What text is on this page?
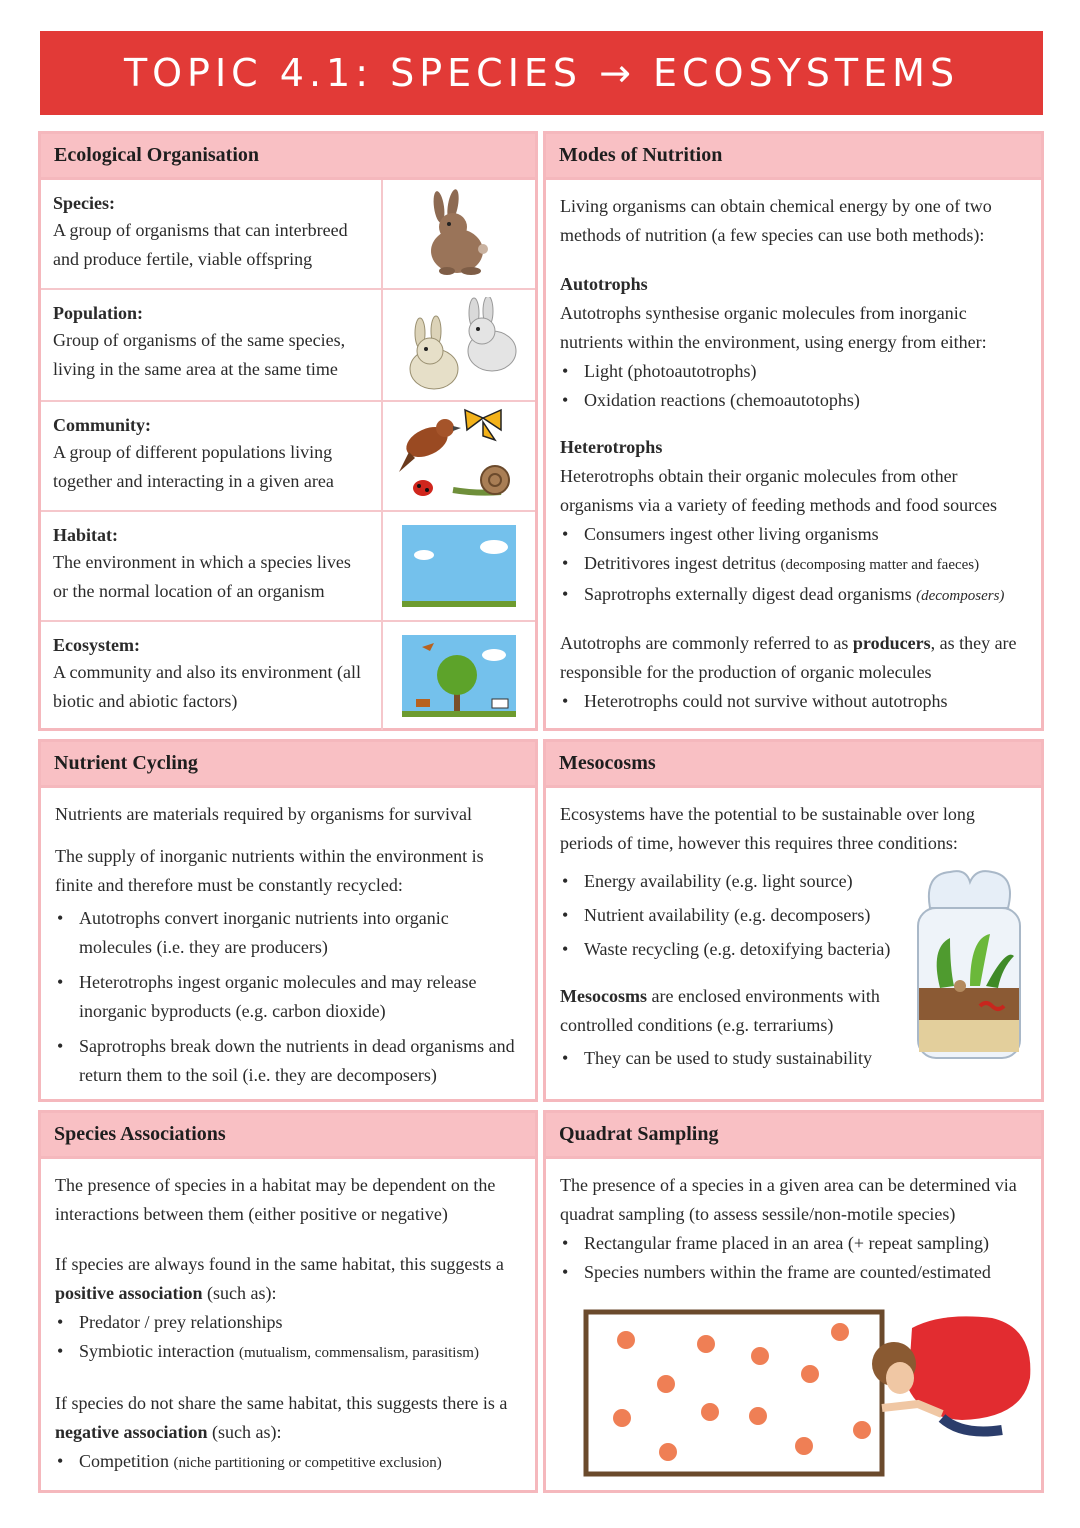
TOPIC 4.1: SPECIES → ECOSYSTEMS
Ecological Organisation
Species:
A group of organisms that can interbreed and produce fertile, viable offspring
Population:
Group of organisms of the same species, living in the same area at the same time
Community:
A group of different populations living together and interacting in a given area
Habitat:
The environment in which a species lives or the normal location of an organism
Ecosystem:
A community and also its environment (all biotic and abiotic factors)
Modes of Nutrition

Living organisms can obtain chemical energy by one of two methods of nutrition (a few species can use both methods):

Autotrophs

Autotrophs synthesise organic molecules from inorganic nutrients within the environment, using energy from either:

• Light (photoautotrophs)
• Oxidation reactions (chemoautotophs)

Heterotrophs

Heterotrophs obtain their organic molecules from other organisms via a variety of feeding methods and food sources

• Consumers ingest other living organisms
• Detritivores ingest detritus (decomposing matter and faeces)
• Saprotrophs externally digest dead organisms (decomposers)

Autotrophs are commonly referred to as producers, as they are responsible for the production of organic molecules

• Heterotrophs could not survive without autotrophs
Nutrient Cycling

Nutrients are materials required by organisms for survival

The supply of inorganic nutrients within the environment is finite and therefore must be constantly recycled:

• Autotrophs convert inorganic nutrients into organic molecules (i.e. they are producers)
• Heterotrophs ingest organic molecules and may release inorganic byproducts (e.g. carbon dioxide)
• Saprotrophs break down the nutrients in dead organisms and return them to the soil (i.e. they are decomposers)
Mesocosms

Ecosystems have the potential to be sustainable over long periods of time, however this requires three conditions:

• Energy availability (e.g. light source)
• Nutrient availability (e.g. decomposers)
• Waste recycling (e.g. detoxifying bacteria)

Mesocosms are enclosed environments with controlled conditions (e.g. terrariums)

• They can be used to study sustainability
Species Associations

The presence of species in a habitat may be dependent on the interactions between them (either positive or negative)

If species are always found in the same habitat, this suggests a positive association (such as):

• Predator / prey relationships
• Symbiotic interaction (mutualism, commensalism, parasitism)

If species do not share the same habitat, this suggests there is a negative association (such as):

• Competition (niche partitioning or competitive exclusion)
Quadrat Sampling

The presence of a species in a given area can be determined via quadrat sampling (to assess sessile/non-motile species)

• Rectangular frame placed in an area (+ repeat sampling)
• Species numbers within the frame are counted/estimated
